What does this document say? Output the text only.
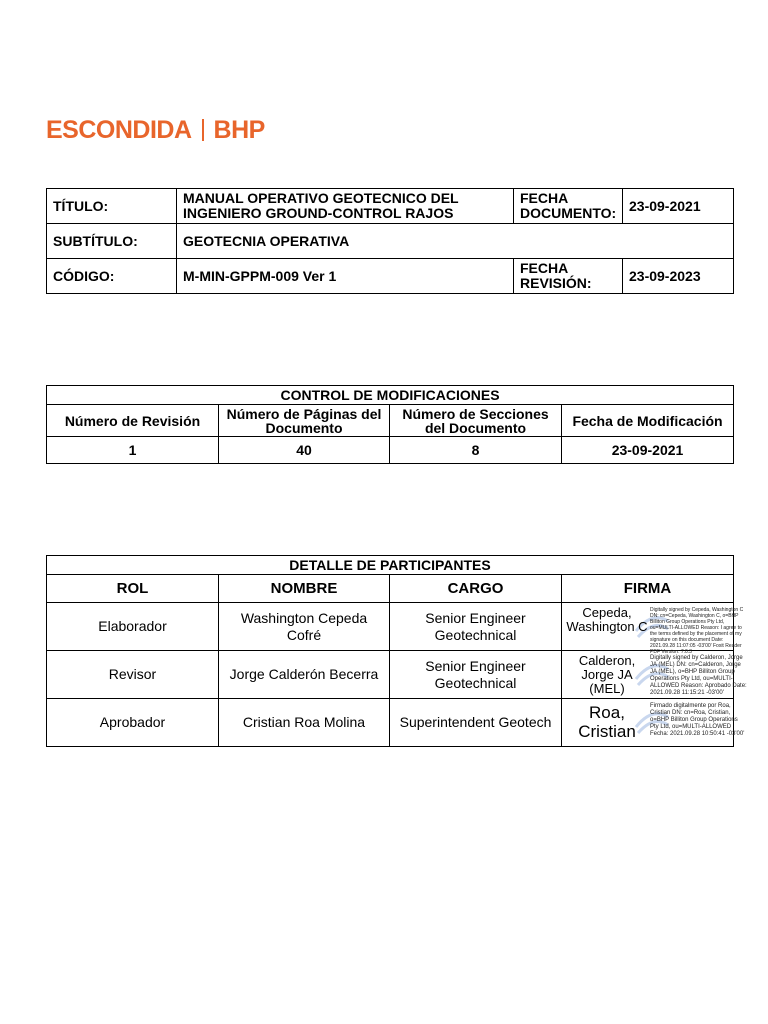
ESCONDIDA BHP
TÍTULO:	MANUAL OPERATIVO GEOTECNICO DEL INGENIERO GROUND-CONTROL RAJOS	FECHA DOCUMENTO:	23-09-2021
SUBTÍTULO:	GEOTECNIA OPERATIVA		
CÓDIGO:	M-MIN-GPPM-009 Ver 1	FECHA REVISIÓN:	23-09-2023
CONTROL DE MODIFICACIONES			
Número de Revisión	Número de Páginas del Documento	Número de Secciones del Documento	Fecha de Modificación
1	40	8	23-09-2021
DETALLE DE PARTICIPANTES			
ROL	NOMBRE	CARGO	FIRMA
Elaborador	Washington Cepeda Cofré	Senior Engineer Geotechnical	Cepeda, Washington C
Digitally signed by Cepeda, Washington C DN: cn=Cepeda, Washington C, o=BHP Billiton Group Operations Pty Ltd, ou=MULTI-ALLOWED Reason: I agree to the terms defined by the placement of my signature on this document Date: 2021.09.28 11:07:05 -03'00' Foxit Reader PDF Version: 7.0.3

Revisor	Jorge Calderón Becerra	Senior Engineer Geotechnical	Calderon, Jorge JA (MEL)
Digitally signed by Calderon, Jorge JA (MEL) DN: cn=Calderon, Jorge JA (MEL), o=BHP Billiton Group Operations Pty Ltd, ou=MULTI-ALLOWED Reason: Aprobado Date: 2021.09.28 11:15:21 -03'00'

Aprobador	Cristian Roa Molina	Superintendent Geotech	Roa, Cristian
Firmado digitalmente por Roa, Cristian DN: cn=Roa, Cristian, o=BHP Billiton Group Operations Pty Ltd, ou=MULTI-ALLOWED Fecha: 2021.09.28 10:50:41 -03'00'
